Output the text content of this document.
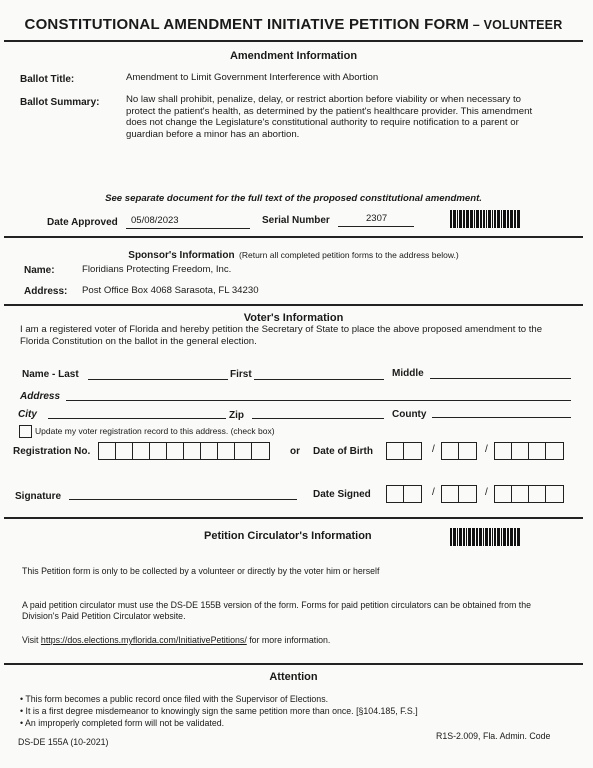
CONSTITUTIONAL AMENDMENT INITIATIVE PETITION FORM – VOLUNTEER
Amendment Information
Ballot Title:	Amendment to Limit Government Interference with Abortion
Ballot Summary:	No law shall prohibit, penalize, delay, or restrict abortion before viability or when necessary to protect the patient's health, as determined by the patient's healthcare provider. This amendment does not change the Legislature's constitutional authority to require notification to a parent or guardian before a minor has an abortion.
See separate document for the full text of the proposed constitutional amendment.
Date Approved 05/08/2023	Serial Number	2307
Sponsor's Information (Return all completed petition forms to the address below.)
Name:	Floridians Protecting Freedom, Inc.
Address: Post Office Box 4068 Sarasota, FL 34230
Voter's Information
I am a registered voter of Florida and hereby petition the Secretary of State to place the above proposed amendment to the Florida Constitution on the ballot in the general election.
Name - Last	First	Middle
Address
City	Zip	County
Update my voter registration record to this address. (check box)
Registration No.	or Date of Birth	/	/
Signature	Date Signed	/	/
Petition Circulator's Information
This Petition form is only to be collected by a volunteer or directly by the voter him or herself
A paid petition circulator must use the DS-DE 155B version of the form. Forms for paid petition circulators can be obtained from the Division's Paid Petition Circulator website.
Visit https://dos.elections.myflorida.com/InitiativePetitions/ for more information.
Attention
• This form becomes a public record once filed with the Supervisor of Elections.
• It is a first degree misdemeanor to knowingly sign the same petition more than once. [§104.185, F.S.]
• An improperly completed form will not be validated.
DS-DE 155A (10-2021)
R1S-2.009, Fla. Admin. Code
